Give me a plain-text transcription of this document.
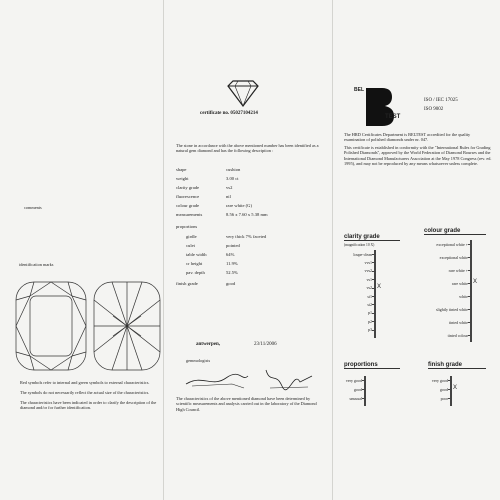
comments
identification marks
Red symbols refer to internal and green symbols to external characteristics.
The symbols do not necessarily reflect the actual size of the characteristics.
The characteristics have been indicated in order to clarify the description of the diamond and/or for further identification.
certificate no. 05027104214
The stone in accordance with the above mentioned number has been identified as a natural gem diamond and has the following description :
shape	cushion
weight	3.00 ct
clarity grade	vs2
fluorescence	nil
colour grade	rare white (G)
measurements	8.56 x 7.60 x 5.38 mm
proportions
girdle	very thick 7% faceted
culet	pointed
table width	64%
cr height	11.9%
pav. depth	52.5%
finish grade	good
antwerpen,	23/11/2006
gemmologists
The characteristics of the above mentioned diamond have been determined by scientific measurements and analysis carried out in the laboratory of the Diamond High Council.
BEL
TEST
ISO / IEC 17025
ISO 9002
The HRD Certificates Department is BELTEST accredited for the quality examination of polished diamonds under nr. 047.
This certificate is established in conformity with the "International Rules for Grading Polished Diamonds", approved by the World Federation of Diamond Bourses and the International Diamond Manufacturers Association at the May 1978 Congress (rev. ed. 1995), and may not be reproduced by any means whatsoever unless complete.
clarity grade
(magnification 10 X)
colour grade
proportions	finish grade
loupe-clean
vvs1
vvs2
vs1
vs2 X
si1
si2
p1
p2
p3
exceptional white +
exceptional white
rare white +
rare white X
white
slightly tinted white
tinted white
tinted colour
very good
good
unusual
very good
good X
poor
